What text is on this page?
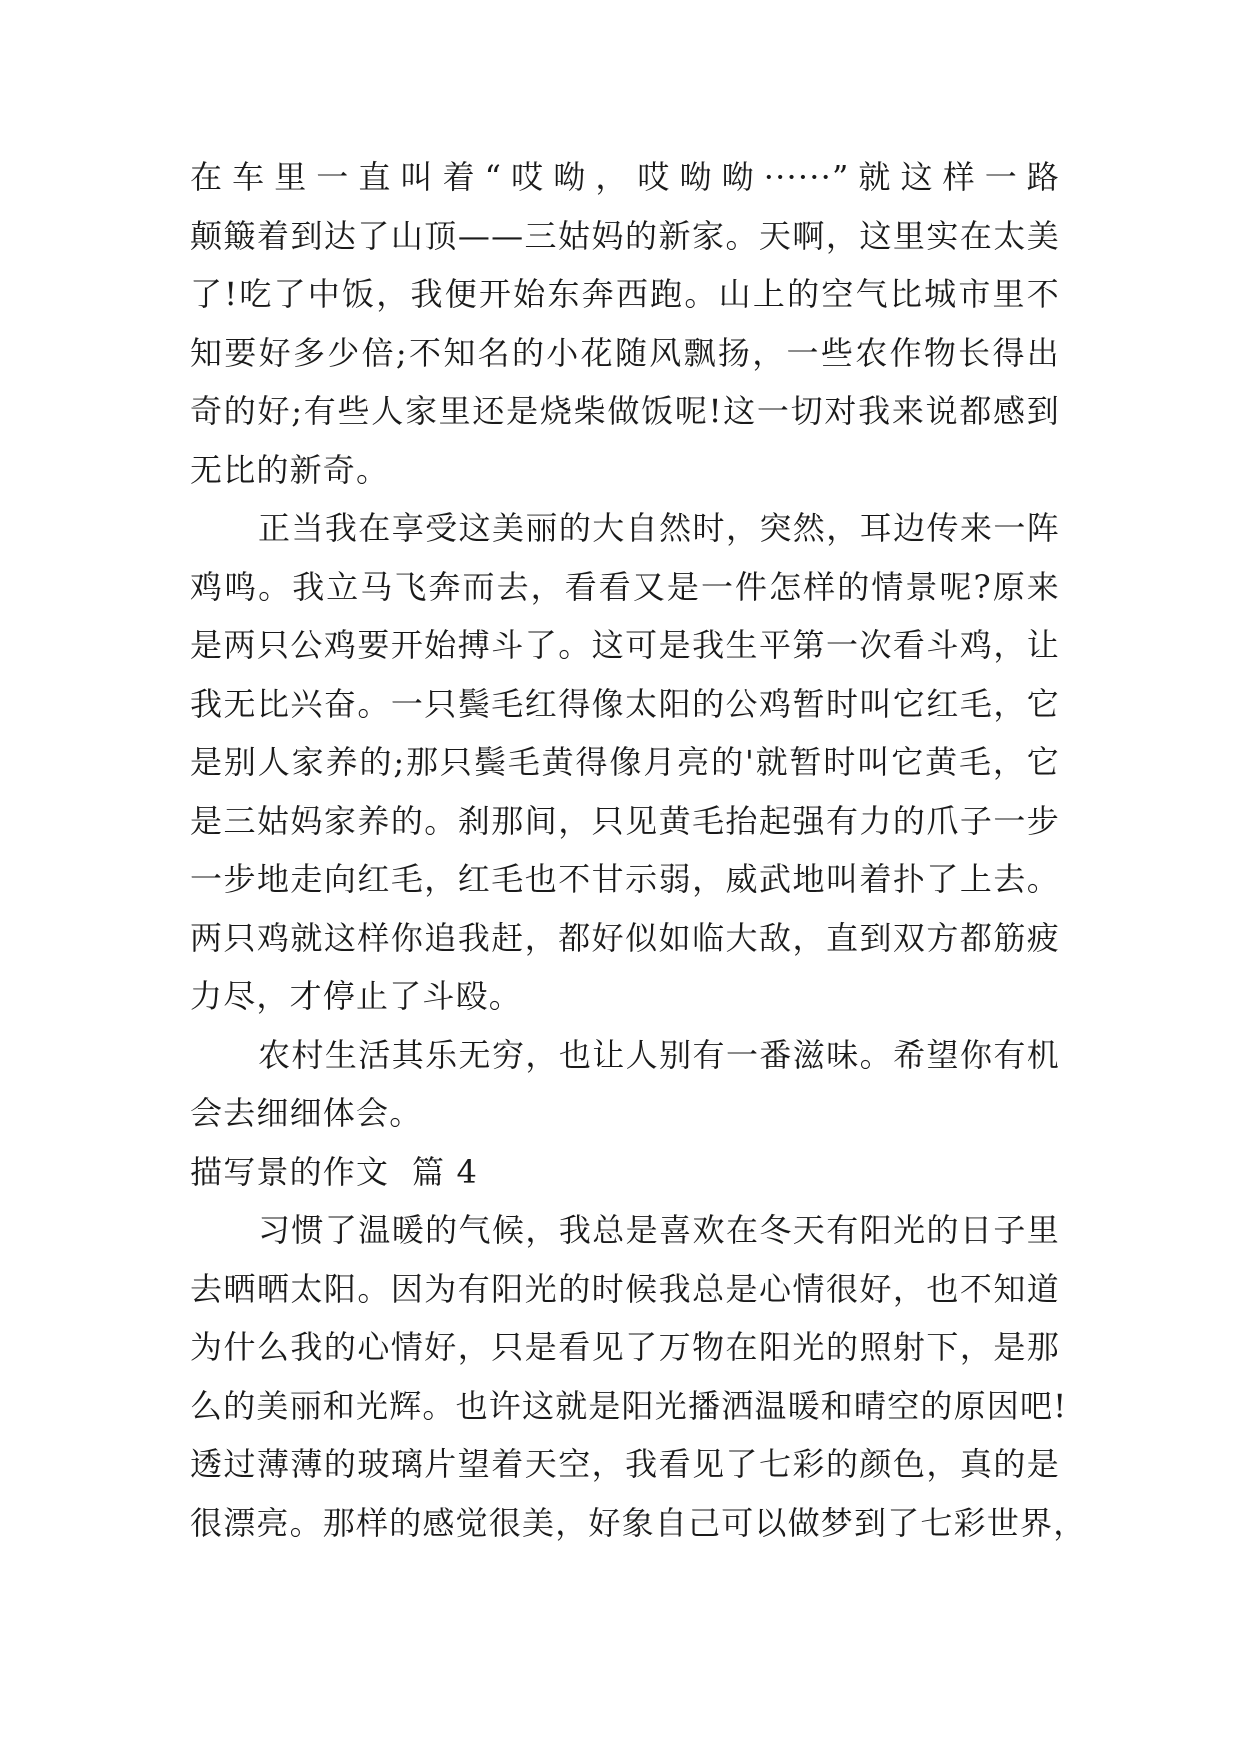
在车里一直叫着“哎呦，哎呦呦······”就这样一路
颠簸着到达了山顶——三姑妈的新家。天啊，这里实在太美
了!吃了中饭，我便开始东奔西跑。山上的空气比城市里不
知要好多少倍;不知名的小花随风飘扬，一些农作物长得出
奇的好;有些人家里还是烧柴做饭呢!这一切对我来说都感到
无比的新奇。
正当我在享受这美丽的大自然时，突然，耳边传来一阵
鸡鸣。我立马飞奔而去，看看又是一件怎样的情景呢?原来
是两只公鸡要开始搏斗了。这可是我生平第一次看斗鸡，让
我无比兴奋。一只鬓毛红得像太阳的公鸡暂时叫它红毛，它
是别人家养的;那只鬓毛黄得像月亮的'就暂时叫它黄毛，它
是三姑妈家养的。刹那间，只见黄毛抬起强有力的爪子一步
一步地走向红毛，红毛也不甘示弱，威武地叫着扑了上去。
两只鸡就这样你追我赶，都好似如临大敌，直到双方都筋疲
力尽，才停止了斗殴。
农村生活其乐无穷，也让人别有一番滋味。希望你有机
会去细细体会。
描写景的作文  篇 4
习惯了温暖的气候，我总是喜欢在冬天有阳光的日子里
去晒晒太阳。因为有阳光的时候我总是心情很好，也不知道
为什么我的心情好，只是看见了万物在阳光的照射下，是那
么的美丽和光辉。也许这就是阳光播洒温暖和晴空的原因吧!
透过薄薄的玻璃片望着天空，我看见了七彩的颜色，真的是
很漂亮。那样的感觉很美，好象自己可以做梦到了七彩世界，
